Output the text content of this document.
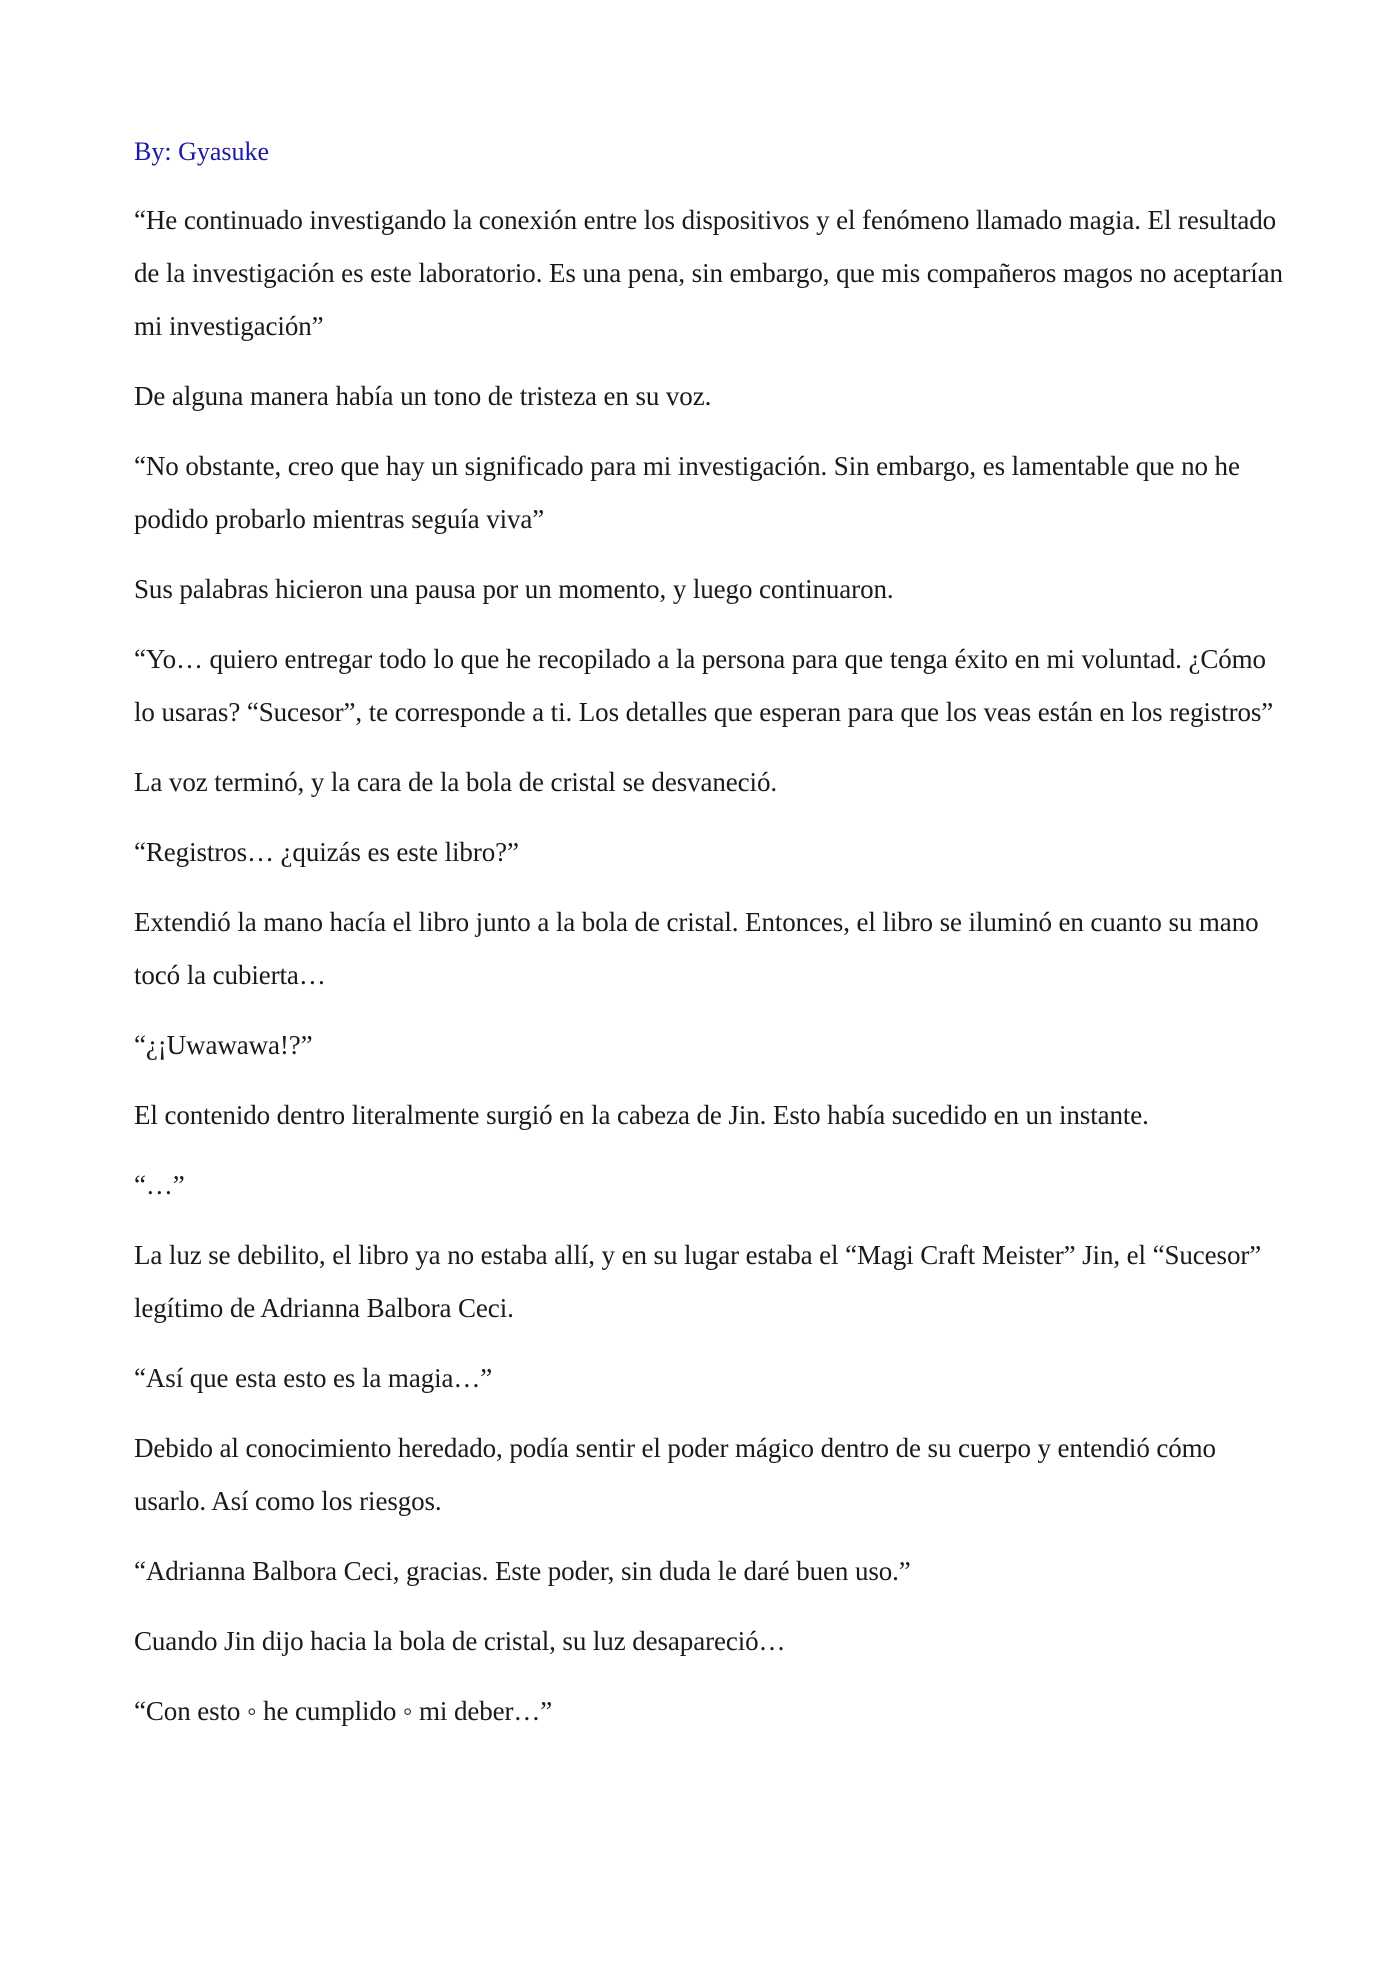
By: Gyasuke

“He continuado investigando la conexión entre los dispositivos y el fenómeno llamado magia. El resultado de la investigación es este laboratorio. Es una pena, sin embargo, que mis compañeros magos no aceptarían mi investigación”

De alguna manera había un tono de tristeza en su voz.

“No obstante, creo que hay un significado para mi investigación. Sin embargo, es lamentable que no he podido probarlo mientras seguía viva”

Sus palabras hicieron una pausa por un momento, y luego continuaron.

“Yo… quiero entregar todo lo que he recopilado a la persona para que tenga éxito en mi voluntad. ¿Cómo lo usaras? “Sucesor”, te corresponde a ti. Los detalles que esperan para que los veas están en los registros”

La voz terminó, y la cara de la bola de cristal se desvaneció.

“Registros… ¿quizás es este libro?”

Extendió la mano hacía el libro junto a la bola de cristal. Entonces, el libro se iluminó en cuanto su mano tocó la cubierta…

“¿¡Uwawawa!?”

El contenido dentro literalmente surgió en la cabeza de Jin. Esto había sucedido en un instante.

“…”

La luz se debilito, el libro ya no estaba allí, y en su lugar estaba el “Magi Craft Meister” Jin, el “Sucesor” legítimo de Adrianna Balbora Ceci.

“Así que esta esto es la magia…”

Debido al conocimiento heredado, podía sentir el poder mágico dentro de su cuerpo y entendió cómo usarlo. Así como los riesgos.

“Adrianna Balbora Ceci, gracias. Este poder, sin duda le daré buen uso.”

Cuando Jin dijo hacia la bola de cristal, su luz desapareció…

“Con esto ◦ he cumplido ◦ mi deber…”
